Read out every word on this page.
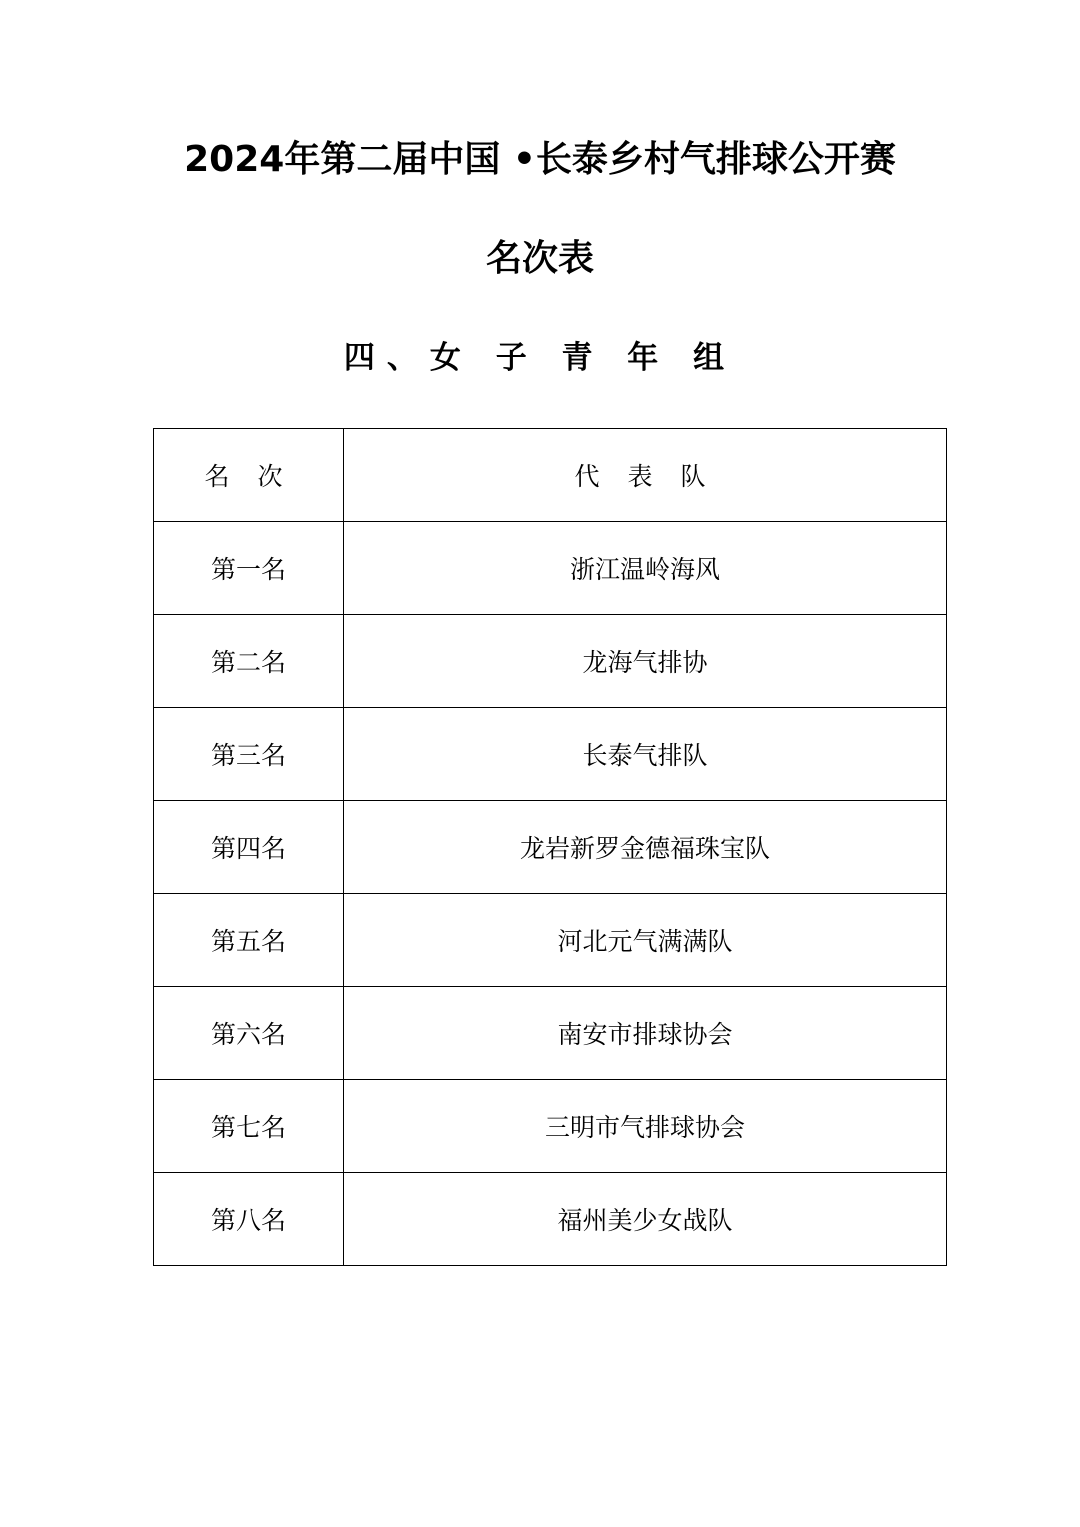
2024年第二届中国 •长泰乡村气排球公开赛
名次表
四、女 子 青 年 组
名 次	代 表 队
第一名	浙江温岭海风
第二名	龙海气排协
第三名	长泰气排队
第四名	龙岩新罗金德福珠宝队
第五名	河北元气满满队
第六名	南安市排球协会
第七名	三明市气排球协会
第八名	福州美少女战队
